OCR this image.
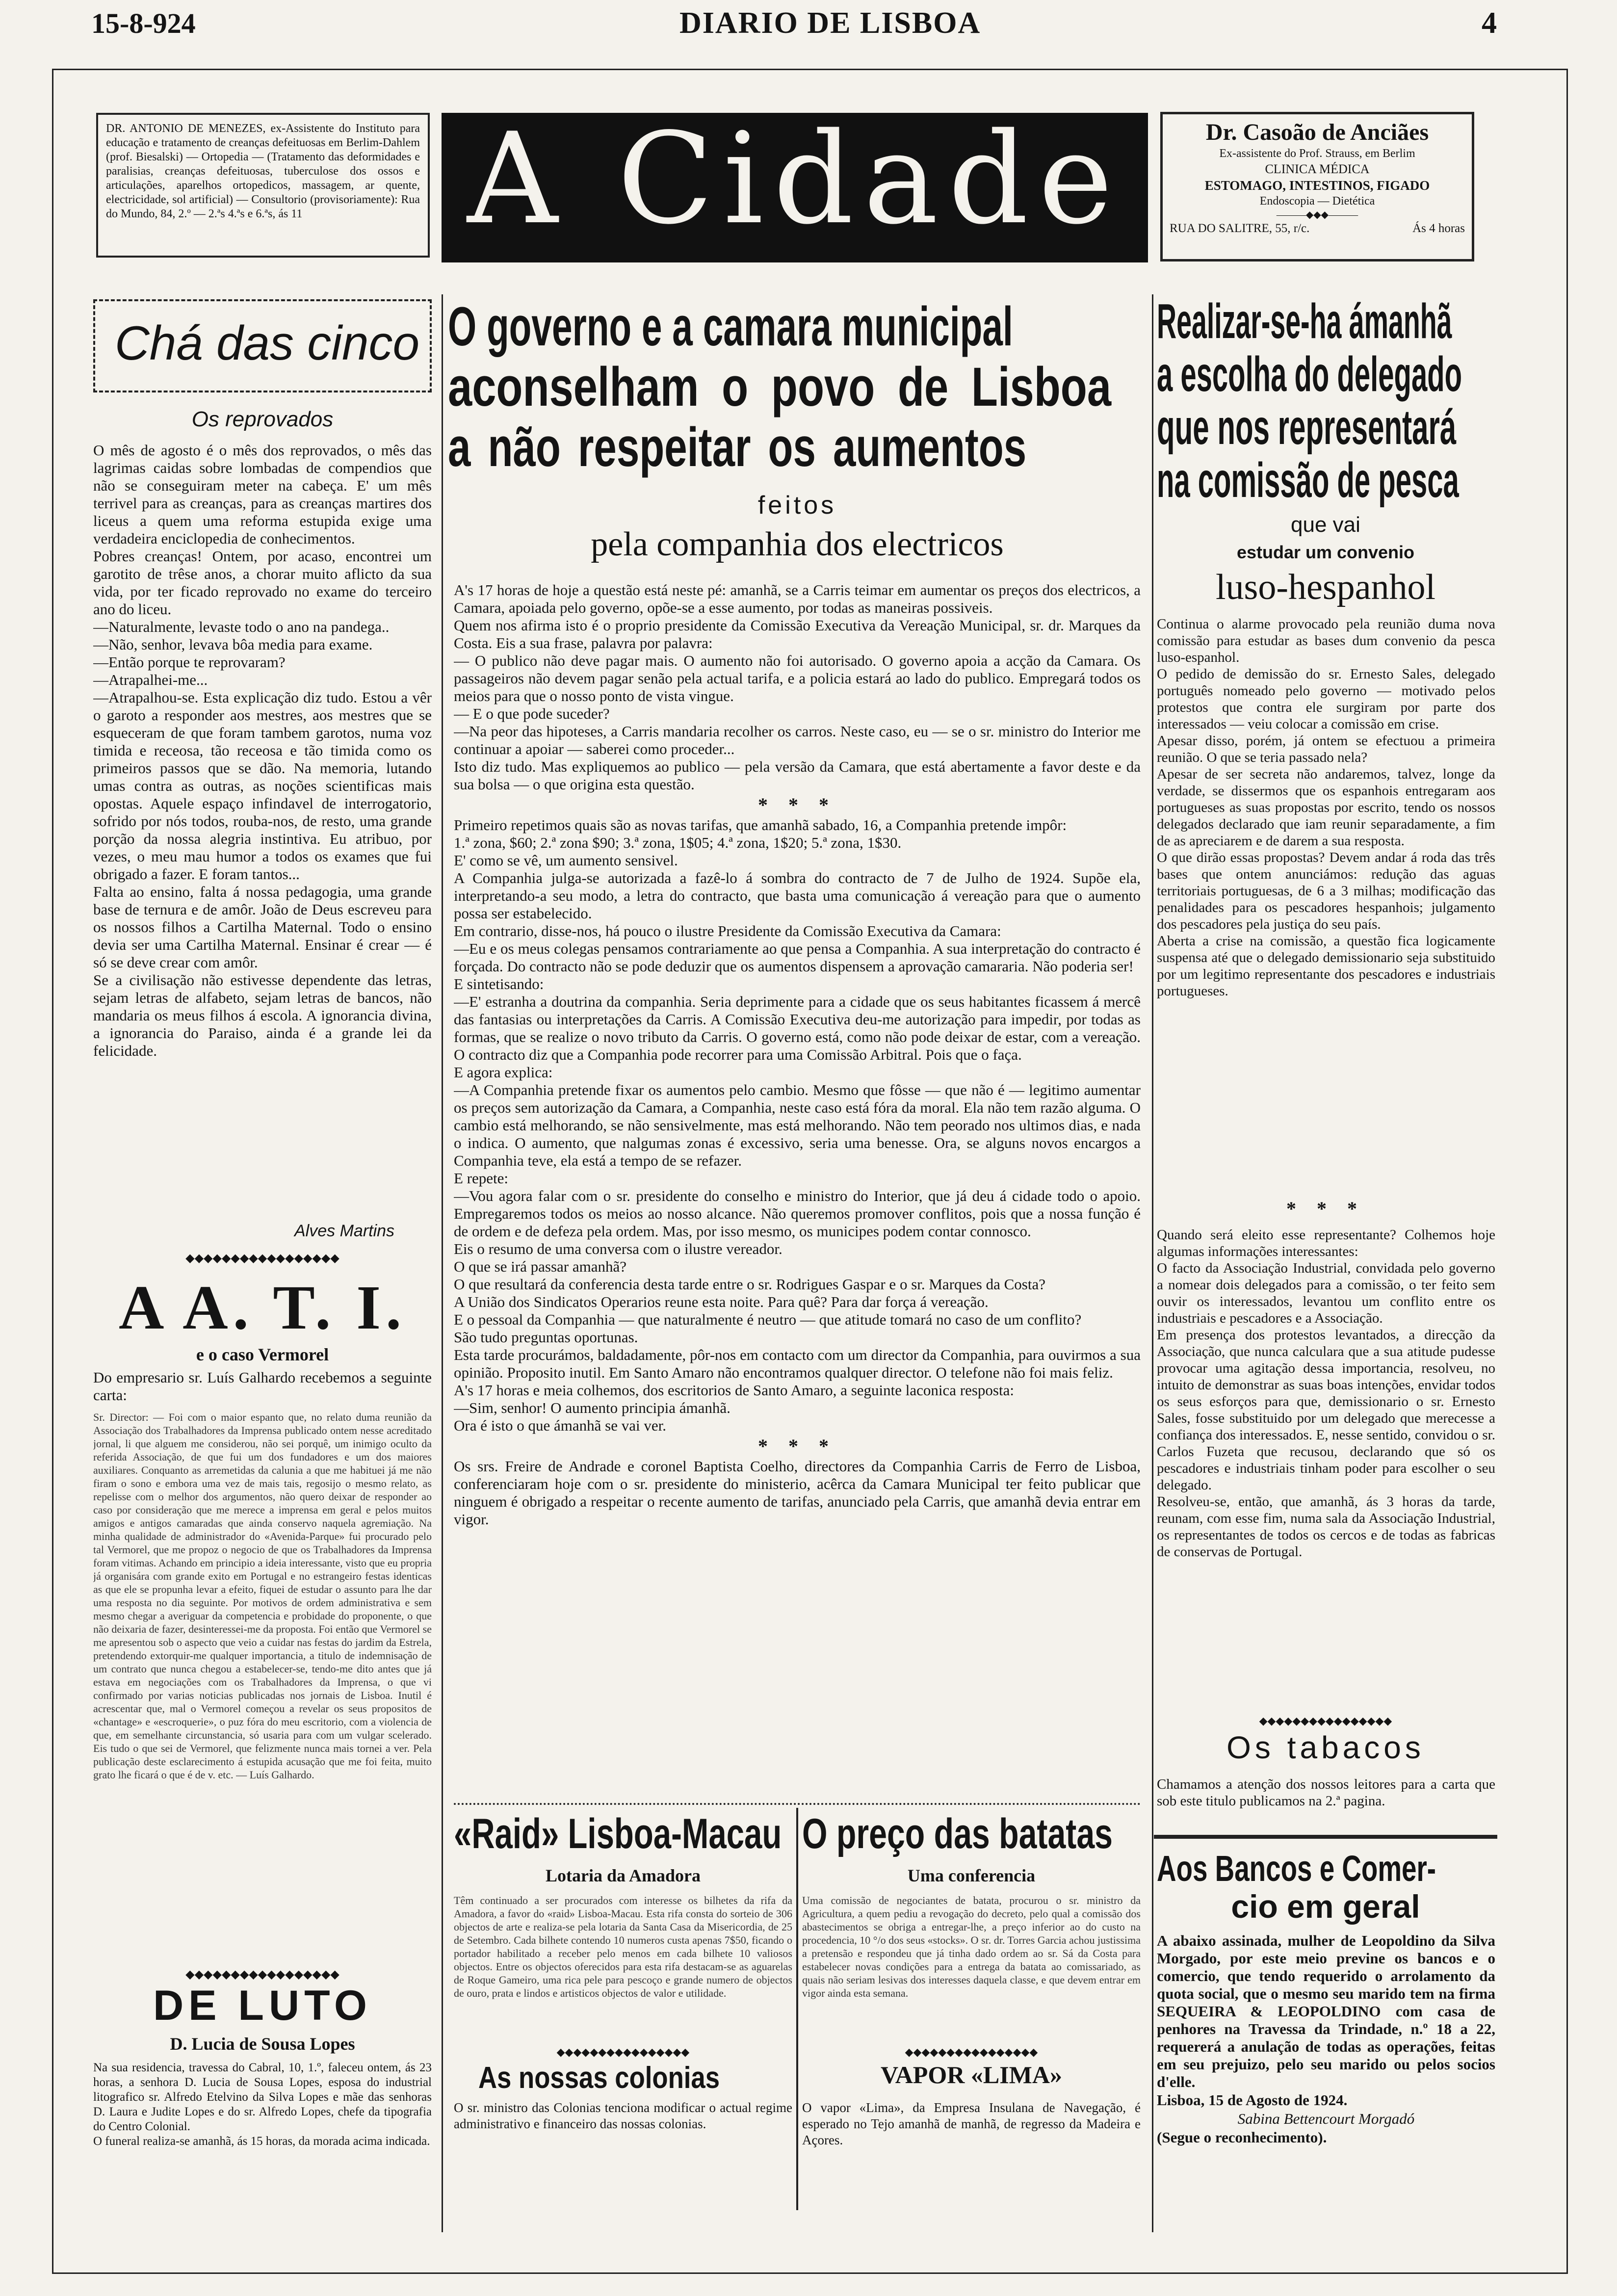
15-8-924	DIARIO DE LISBOA	4

DR. ANTONIO DE MENEZES, ex-Assistente do Instituto para educação e tratamento de creanças defeituosas em Berlim-Dahlem (prof. Biesalski) — Ortopedia — (Tratamento das deformidades e paralisias, creanças defeituosas, tuberculose dos ossos e articulações, aparelhos ortopedicos, massagem, ar quente, electricidade, sol artificial) — Consultorio (provisoriamente): Rua do Mundo, 84, 2.º — 2.ªs 4.ªs e 6.ªs, ás 11	A Cidade	Dr. Casoão de Anciães
Ex-assistente do Prof. Strauss, em Berlim
CLINICA MÉDICA
ESTOMAGO, INTESTINOS, FIGADO
Endoscopia — Dietética
———◆◆◆———
RUA DO SALITRE, 55, r/c.	Ás 4 horas
Chá das cinco
Os reprovados

O mês de agosto é o mês dos reprovados, o mês das lagrimas caidas sobre lombadas de compendios que não se conseguiram meter na cabeça. E' um mês terrivel para as creanças, para as creanças martires dos liceus a quem uma reforma estupida exige uma verdadeira enciclopedia de conhecimentos.

Pobres creanças! Ontem, por acaso, encontrei um garotito de trêse anos, a chorar muito aflicto da sua vida, por ter ficado reprovado no exame do terceiro ano do liceu.

—Naturalmente, levaste todo o ano na pandega..

—Não, senhor, levava bôa media para exame.

—Então porque te reprovaram?

—Atrapalhei-me...

—Atrapalhou-se. Esta explicação diz tudo. Estou a vêr o garoto a responder aos mestres, aos mestres que se esqueceram de que foram tambem garotos, numa voz timida e receosa, tão receosa e tão timida como os primeiros passos que se dão. Na memoria, lutando umas contra as outras, as noções scientificas mais opostas. Aquele espaço infindavel de interrogatorio, sofrido por nós todos, rouba-nos, de resto, uma grande porção da nossa alegria instintiva. Eu atribuo, por vezes, o meu mau humor a todos os exames que fui obrigado a fazer. E foram tantos...

Falta ao ensino, falta á nossa pedagogia, uma grande base de ternura e de amôr. João de Deus escreveu para os nossos filhos a Cartilha Maternal. Todo o ensino devia ser uma Cartilha Maternal. Ensinar é crear — é só se deve crear com amôr.

Se a civilisação não estivesse dependente das letras, sejam letras de alfabeto, sejam letras de bancos, não mandaria os meus filhos á escola. A ignorancia divina, a ignorancia do Paraiso, ainda é a grande lei da felicidade.

Alves Martins
◆◆◆◆◆◆◆◆◆◆◆◆◆◆◆◆◆
A A. T. I.
e o caso Vermorel

Do empresario sr. Luís Galhardo recebemos a seguinte carta:

Sr. Director: — Foi com o maior espanto que, no relato duma reunião da Associação dos Trabalhadores da Imprensa publicado ontem nesse acreditado jornal, li que alguem me considerou, não sei porquê, um inimigo oculto da referida Associação, de que fui um dos fundadores e um dos maiores auxiliares. Conquanto as arremetidas da calunia a que me habituei já me não firam o sono e embora uma vez de mais tais, regosijo o mesmo relato, as repelisse com o melhor dos argumentos, não quero deixar de responder ao caso por consideração que me merece a imprensa em geral e pelos muitos amigos e antigos camaradas que ainda conservo naquela agremiação. Na minha qualidade de administrador do «Avenida-Parque» fui procurado pelo tal Vermorel, que me propoz o negocio de que os Trabalhadores da Imprensa foram vitimas. Achando em principio a ideia interessante, visto que eu propria já organisára com grande exito em Portugal e no estrangeiro festas identicas as que ele se propunha levar a efeito, fiquei de estudar o assunto para lhe dar uma resposta no dia seguinte. Por motivos de ordem administrativa e sem mesmo chegar a averiguar da competencia e probidade do proponente, o que não deixaria de fazer, desinteressei-me da proposta. Foi então que Vermorel se me apresentou sob o aspecto que veio a cuidar nas festas do jardim da Estrela, pretendendo extorquir-me qualquer importancia, a titulo de indemnisação de um contrato que nunca chegou a estabelecer-se, tendo-me dito antes que já estava em negociações com os Trabalhadores da Imprensa, o que vi confirmado por varias noticias publicadas nos jornais de Lisboa. Inutil é acrescentar que, mal o Vermorel começou a revelar os seus propositos de «chantage» e «escroquerie», o puz fóra do meu escritorio, com a violencia de que, em semelhante circunstancia, só usaria para com um vulgar scelerado. Eis tudo o que sei de Vermorel, que felizmente nunca mais tornei a ver. Pela publicação deste esclarecimento á estupida acusação que me foi feita, muito grato lhe ficará o que é de v. etc. — Luís Galhardo.

◆◆◆◆◆◆◆◆◆◆◆◆◆◆◆◆◆
DE LUTO
D. Lucia de Sousa Lopes

Na sua residencia, travessa do Cabral, 10, 1.º, faleceu ontem, ás 23 horas, a senhora D. Lucia de Sousa Lopes, esposa do industrial litografico sr. Alfredo Etelvino da Silva Lopes e mãe das senhoras D. Laura e Judite Lopes e do sr. Alfredo Lopes, chefe da tipografia do Centro Colonial.

O funeral realiza-se amanhã, ás 15 horas, da morada acima indicada.

O governo e a camara municipal
aconselham o povo de Lisboa
a não respeitar os aumentos
feitos
pela companhia dos electricos

A's 17 horas de hoje a questão está neste pé: amanhã, se a Carris teimar em aumentar os preços dos electricos, a Camara, apoiada pelo governo, opõe-se a esse aumento, por todas as maneiras possiveis.

Quem nos afirma isto é o proprio presidente da Comissão Executiva da Vereação Municipal, sr. dr. Marques da Costa. Eis a sua frase, palavra por palavra:

— O publico não deve pagar mais. O aumento não foi autorisado. O governo apoia a acção da Camara. Os passageiros não devem pagar senão pela actual tarifa, e a policia estará ao lado do publico. Empregará todos os meios para que o nosso ponto de vista vingue.

— E o que pode suceder?

—Na peor das hipoteses, a Carris mandaria recolher os carros. Neste caso, eu — se o sr. ministro do Interior me continuar a apoiar — saberei como proceder...

Isto diz tudo. Mas expliquemos ao publico — pela versão da Camara, que está abertamente a favor deste e da sua bolsa — o que origina esta questão.

* * *

Primeiro repetimos quais são as novas tarifas, que amanhã sabado, 16, a Companhia pretende impôr:

1.ª zona, $60; 2.ª zona $90; 3.ª zona, 1$05; 4.ª zona, 1$20; 5.ª zona, 1$30.

E' como se vê, um aumento sensivel.

A Companhia julga-se autorizada a fazê-lo á sombra do contracto de 7 de Julho de 1924. Supõe ela, interpretando-a seu modo, a letra do contracto, que basta uma comunicação á vereação para que o aumento possa ser estabelecido.

Em contrario, disse-nos, há pouco o ilustre Presidente da Comissão Executiva da Camara:

—Eu e os meus colegas pensamos contrariamente ao que pensa a Companhia. A sua interpretação do contracto é forçada. Do contracto não se pode deduzir que os aumentos dispensem a aprovação camararia. Não poderia ser!

E sintetisando:

—E' estranha a doutrina da companhia. Seria deprimente para a cidade que os seus habitantes ficassem á mercê das fantasias ou interpretações da Carris. A Comissão Executiva deu-me autorização para impedir, por todas as formas, que se realize o novo tributo da Carris. O governo está, como não pode deixar de estar, com a vereação. O contracto diz que a Companhia pode recorrer para uma Comissão Arbitral. Pois que o faça.

E agora explica:

—A Companhia pretende fixar os aumentos pelo cambio. Mesmo que fôsse — que não é — legitimo aumentar os preços sem autorização da Camara, a Companhia, neste caso está fóra da moral. Ela não tem razão alguma. O cambio está melhorando, se não sensivelmente, mas está melhorando. Não tem peorado nos ultimos dias, e nada o indica. O aumento, que nalgumas zonas é excessivo, seria uma benesse. Ora, se alguns novos encargos a Companhia teve, ela está a tempo de se refazer.

E repete:

—Vou agora falar com o sr. presidente do conselho e ministro do Interior, que já deu á cidade todo o apoio. Empregaremos todos os meios ao nosso alcance. Não queremos promover conflitos, pois que a nossa função é de ordem e de defeza pela ordem. Mas, por isso mesmo, os municipes podem contar connosco.

Eis o resumo de uma conversa com o ilustre vereador.

O que se irá passar amanhã?

O que resultará da conferencia desta tarde entre o sr. Rodrigues Gaspar e o sr. Marques da Costa?

A União dos Sindicatos Operarios reune esta noite. Para quê? Para dar força á vereação.

E o pessoal da Companhia — que naturalmente é neutro — que atitude tomará no caso de um conflito?

São tudo preguntas oportunas.

Esta tarde procurámos, baldadamente, pôr-nos em contacto com um director da Companhia, para ouvirmos a sua opinião. Proposito inutil. Em Santo Amaro não encontramos qualquer director. O telefone não foi mais feliz.

A's 17 horas e meia colhemos, dos escritorios de Santo Amaro, a seguinte laconica resposta:

—Sim, senhor! O aumento principia ámanhã.

Ora é isto o que ámanhã se vai ver.

* * *

Os srs. Freire de Andrade e coronel Baptista Coelho, directores da Companhia Carris de Ferro de Lisboa, conferenciaram hoje com o sr. presidente do ministerio, acêrca da Camara Municipal ter feito publicar que ninguem é obrigado a respeitar o recente aumento de tarifas, anunciado pela Carris, que amanhã devia entrar em vigor.

«Raid» Lisboa-Macau
Lotaria da Amadora

Têm continuado a ser procurados com interesse os bilhetes da rifa da Amadora, a favor do «raid» Lisboa-Macau. Esta rifa consta do sorteio de 306 objectos de arte e realiza-se pela lotaria da Santa Casa da Misericordia, de 25 de Setembro. Cada bilhete contendo 10 numeros custa apenas 7$50, ficando o portador habilitado a receber pelo menos em cada bilhete 10 valiosos objectos. Entre os objectos oferecidos para esta rifa destacam-se as aguarelas de Roque Gameiro, uma rica pele para pescoço e grande numero de objectos de ouro, prata e lindos e artisticos objectos de valor e utilidade.

◆◆◆◆◆◆◆◆◆◆◆◆◆◆◆◆
As nossas colonias

O sr. ministro das Colonias tenciona modificar o actual regime administrativo e financeiro das nossas colonias.

O preço das batatas
Uma conferencia

Uma comissão de negociantes de batata, procurou o sr. ministro da Agricultura, a quem pediu a revogação do decreto, pelo qual a comissão dos abastecimentos se obriga a entregar-lhe, a preço inferior ao do custo na procedencia, 10 °/o dos seus «stocks». O sr. dr. Torres Garcia achou justissima a pretensão e respondeu que já tinha dado ordem ao sr. Sá da Costa para estabelecer novas condições para a entrega da batata ao comissariado, as quais não seriam lesivas dos interesses daquela classe, e que devem entrar em vigor ainda esta semana.

◆◆◆◆◆◆◆◆◆◆◆◆◆◆◆◆
VAPOR «LIMA»

O vapor «Lima», da Empresa Insulana de Navegação, é esperado no Tejo amanhã de manhã, de regresso da Madeira e Açores.

Realizar-se-ha ámanhã
a escolha do delegado
que nos representará
na comissão de pesca
que vai
estudar um convenio
luso-hespanhol

Continua o alarme provocado pela reunião duma nova comissão para estudar as bases dum convenio da pesca luso-espanhol.

O pedido de demissão do sr. Ernesto Sales, delegado português nomeado pelo governo — motivado pelos protestos que contra ele surgiram por parte dos interessados — veiu colocar a comissão em crise.

Apesar disso, porém, já ontem se efectuou a primeira reunião. O que se teria passado nela?

Apesar de ser secreta não andaremos, talvez, longe da verdade, se dissermos que os espanhois entregaram aos portugueses as suas propostas por escrito, tendo os nossos delegados declarado que iam reunir separadamente, a fim de as apreciarem e de darem a sua resposta.

O que dirão essas propostas? Devem andar á roda das três bases que ontem anunciámos: redução das aguas territoriais portuguesas, de 6 a 3 milhas; modificação das penalidades para os pescadores hespanhois; julgamento dos pescadores pela justiça do seu país.

Aberta a crise na comissão, a questão fica logicamente suspensa até que o delegado demissionario seja substituido por um legitimo representante dos pescadores e industriais portugueses.

* * *

Quando será eleito esse representante? Colhemos hoje algumas informações interessantes:

O facto da Associação Industrial, convidada pelo governo a nomear dois delegados para a comissão, o ter feito sem ouvir os interessados, levantou um conflito entre os industriais e pescadores e a Associação.

Em presença dos protestos levantados, a direcção da Associação, que nunca calculara que a sua atitude pudesse provocar uma agitação dessa importancia, resolveu, no intuito de demonstrar as suas boas intenções, envidar todos os seus esforços para que, demissionario o sr. Ernesto Sales, fosse substituido por um delegado que merecesse a confiança dos interessados. E, nesse sentido, convidou o sr. Carlos Fuzeta que recusou, declarando que só os pescadores e industriais tinham poder para escolher o seu delegado.

Resolveu-se, então, que amanhã, ás 3 horas da tarde, reunam, com esse fim, numa sala da Associação Industrial, os representantes de todos os cercos e de todas as fabricas de conservas de Portugal.

◆◆◆◆◆◆◆◆◆◆◆◆◆◆◆◆
Os tabacos

Chamamos a atenção dos nossos leitores para a carta que sob este titulo publicamos na 2.ª pagina.

Aos Bancos e Comer-
cio em geral

A abaixo assinada, mulher de Leopoldino da Silva Morgado, por este meio previne os bancos e o comercio, que tendo requerido o arrolamento da quota social, que o mesmo seu marido tem na firma SEQUEIRA & LEOPOLDINO com casa de penhores na Travessa da Trindade, n.º 18 a 22, requererá a anulação de todas as operações, feitas em seu prejuizo, pelo seu marido ou pelos socios d'elle.

Lisboa, 15 de Agosto de 1924.

Sabina Bettencourt Morgadó

(Segue o reconhecimento).
